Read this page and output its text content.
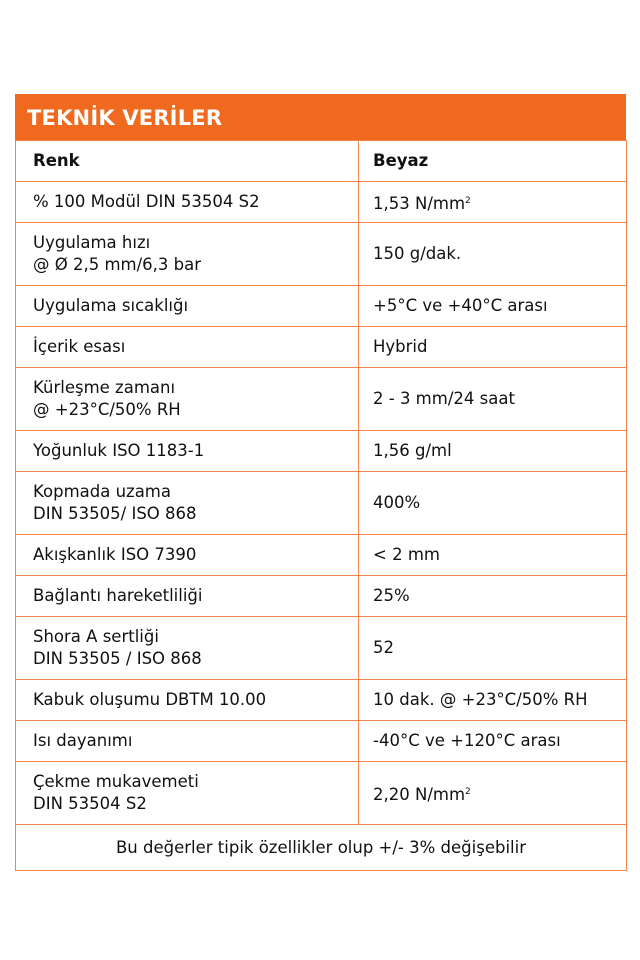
TEKNİK VERİLER
Renk	Beyaz

% 100 Modül DIN 53504 S2	1,53 $N/mm^2$

Uygulama hızı
@ Ø 2,5 mm/6,3 bar	150 g/dak.

Uygulama sıcaklığı	+5°C ve +40°C arası

İçerik esası	Hybrid

Kürleşme zamanı
@ +23°C/50% RH	2 - 3 mm/24 saat

Yoğunluk ISO 1183-1	1,56 g/ml

Kopmada uzama
DIN 53505/ ISO 868	400%

Akışkanlık ISO 7390	< 2 mm

Bağlantı hareketliliği	25%

Shora A sertliği
DIN 53505 / ISO 868	52

Kabuk oluşumu DBTM 10.00	10 dak. @ +23°C/50% RH

Isı dayanımı	-40°C ve +120°C arası

Çekme mukavemeti
DIN 53504 S2	2,20 $N/mm^2$
Bu değerler tipik özellikler olup +/- 3% değişebilir	
